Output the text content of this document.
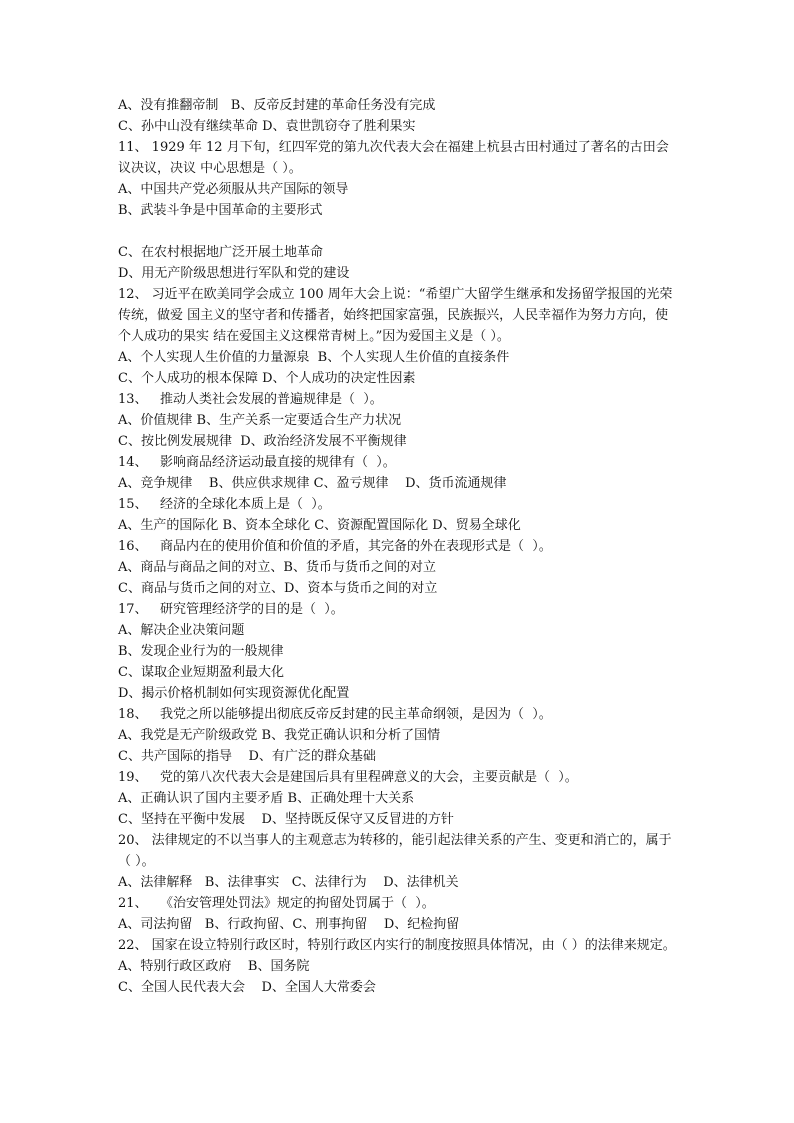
A、没有推翻帝制   B、反帝反封建的革命任务没有完成
C、孙中山没有继续革命 D、袁世凯窃夺了胜利果实
11、 1929 年 12 月下旬，红四军党的第九次代表大会在福建上杭县古田村通过了著名的古田会议决议，决议 中心思想是（ ）。
A、中国共产党必须服从共产国际的领导
B、武装斗争是中国革命的主要形式
C、在农村根据地广泛开展土地革命
D、用无产阶级思想进行军队和党的建设
12、 习近平在欧美同学会成立 100 周年大会上说：“希望广大留学生继承和发扬留学报国的光荣传统，做爱 国主义的坚守者和传播者，始终把国家富强，民族振兴，人民幸福作为努力方向，使个人成功的果实 结在爱国主义这棵常青树上。”因为爱国主义是（ ）。
A、个人实现人生价值的力量源泉  B、个人实现人生价值的直接条件
C、个人成功的根本保障 D、个人成功的决定性因素
13、   推动人类社会发展的普遍规律是（  ）。
A、价值规律 B、生产关系一定要适合生产力状况
C、按比例发展规律  D、政治经济发展不平衡规律
14、   影响商品经济运动最直接的规律有（  ）。
A、竞争规律    B、供应供求规律 C、盈亏规律    D、货币流通规律
15、   经济的全球化本质上是（  ）。
A、生产的国际化 B、资本全球化 C、资源配置国际化 D、贸易全球化
16、   商品内在的使用价值和价值的矛盾，其完备的外在表现形式是（  ）。
A、商品与商品之间的对立、B、货币与货币之间的对立
C、商品与货币之间的对立、D、资本与货币之间的对立
17、   研究管理经济学的目的是（  ）。
A、解决企业决策问题
B、发现企业行为的一般规律
C、谋取企业短期盈利最大化
D、揭示价格机制如何实现资源优化配置
18、   我党之所以能够提出彻底反帝反封建的民主革命纲领，是因为（  ）。
A、我党是无产阶级政党 B、我党正确认识和分析了国情
C、共产国际的指导    D、有广泛的群众基础
19、   党的第八次代表大会是建国后具有里程碑意义的大会，主要贡献是（  ）。
A、正确认识了国内主要矛盾 B、正确处理十大关系
C、坚持在平衡中发展    D、坚持既反保守又反冒进的方针
20、 法律规定的不以当事人的主观意志为转移的，能引起法律关系的产生、变更和消亡的，属于（ ）。
A、法律解释   B、法律事实   C、法律行为    D、法律机关
21、   《治安管理处罚法》规定的拘留处罚属于（  ）。
A、司法拘留   B、行政拘留、C、刑事拘留    D、纪检拘留
22、 国家在设立特别行政区时，特别行政区内实行的制度按照具体情况，由（ ）的法律来规定。
A、特别行政区政府    B、国务院
C、全国人民代表大会    D、全国人大常委会
